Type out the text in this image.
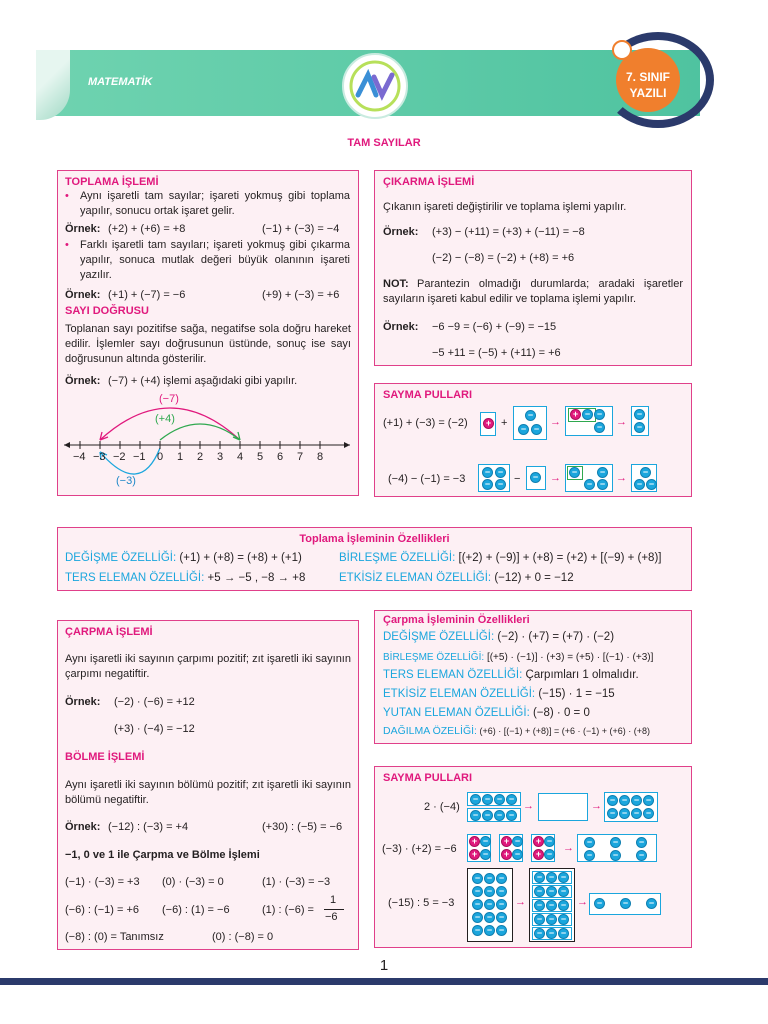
MATEMATİK	7. SINIF
YAZILI
TAM SAYILAR
TOPLAMA İŞLEMİ
• Aynı işaretli tam sayılar; işareti yokmuş gibi toplama yapılır, sonucu ortak işaret gelir.
Örnek: (+2) + (+6) = +8	(−1) + (−3) = −4
• Farklı işaretli tam sayıları; işareti yokmuş gibi çıkarma yapılır, sonuca mutlak değeri büyük olanının işareti yazılır.
Örnek: (+1) + (−7) = −6	(+9) + (−3) = +6
SAYI DOĞRUSU
Toplanan sayı pozitifse sağa, negatifse sola doğru hareket edilir. İşlemler sayı doğrusunun üstünde, sonuç ise sayı doğrusunun altında gösterilir.
Örnek: (−7) + (+4) işlemi aşağıdaki gibi yapılır.
(−7)
(+4)
(−3)
−4 −3 −2 −1 0 1 2 3 4 5 6 7 8
ÇIKARMA İŞLEMİ
Çıkanın işareti değiştirilir ve toplama işlemi yapılır.
Örnek: (+3) − (+11) = (+3) + (−11) = −8
(−2) − (−8) = (−2) + (+8) = +6
NOT: Parantezin olmadığı durumlarda; aradaki işaretler sayıların işareti kabul edilir ve toplama işlemi yapılır.
Örnek: −6 −9 = (−6) + (−9) = −15
−5 +11 = (−5) + (+11) = +6
SAYMA PULLARI
(+1) + (−3) = (−2)	+ +
−
− −
→
+ − −
− →
−
−
(−4) − (−1) = −3
− −
− − −	− →	−
− −
− →	−
− −
Toplama İşleminin Özellikleri
DEĞİŞME ÖZELLİĞİ: (+1) + (+8) = (+8) + (+1)	BİRLEŞME ÖZELLİĞİ: [(+2) + (−9)] + (+8) = (+2) + [(−9) + (+8)]
TERS ELEMAN ÖZELLİĞİ: +5 → −5 , −8 → +8	ETKİSİZ ELEMAN ÖZELLİĞİ: (−12) + 0 = −12
ÇARPMA İŞLEMİ
Aynı işaretli iki sayının çarpımı pozitif; zıt işaretli iki sayının çarpımı negatiftir.
Örnek: (−2) · (−6) = +12
(+3) · (−4) = −12
BÖLME İŞLEMİ
Aynı işaretli iki sayının bölümü pozitif; zıt işaretli iki sayının bölümü negatiftir.
Örnek: (−12) : (−3) = +4	(+30) : (−5) = −6
−1, 0 ve 1 ile Çarpma ve Bölme İşlemi
(−1) · (−3) = +3 (0) · (−3) = 0	(1) · (−3) = −3
(−6) : (−1) = +6 (−6) : (1) = −6	(1) : (−6) =
1
−6
(−8) : (0) = Tanımsız	(0) : (−8) = 0
Çarpma İşleminin Özellikleri
DEĞİŞME ÖZELLİĞİ: (−2) · (+7) = (+7) · (−2)
BİRLEŞME ÖZELLİĞİ: [(+5) · (−1)] · (+3) = (+5) · [(−1) · (+3)]
TERS ELEMAN ÖZELLİĞİ: Çarpımları 1 olmalıdır.
ETKİSİZ ELEMAN ÖZELLİĞİ: (−15) · 1 = −15
YUTAN ELEMAN ÖZELLİĞİ: (−8) · 0 = 0
DAĞILMA ÖZELİĞİ: (+6) · [(−1) + (+8)] = (+6 · (−1) + (+6) · (+8)
SAYMA PULLARI
2 · (−4)
− − − −
− − − −
→	→ − − − −
− − − −
(−3) · (+2) = −6
+
+
−
−
+
+
−
−
+
+
−
− →	−	−	−
−	−	−
(−15) : 5 = −3	→	→
− − −
− − −
− − −
− − −
− − −
− − −
− − −
− − −
− − −
− − −
−	−	−
1
